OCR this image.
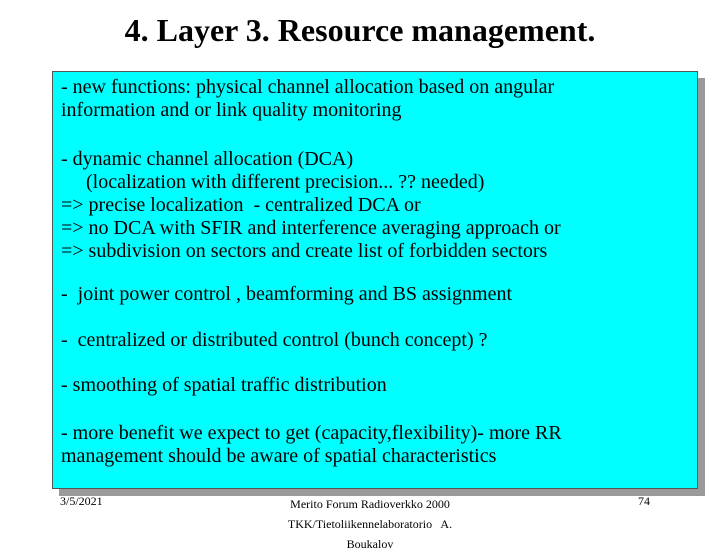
4. Layer 3. Resource management.
- new functions: physical channel allocation based on angular
information and or link quality monitoring
- dynamic channel allocation (DCA)
(localization with different precision... ?? needed)
=> precise localization  - centralized DCA or
=> no DCA with SFIR and interference averaging approach or
=> subdivision on sectors and create list of forbidden sectors
-  joint power control , beamforming and BS assignment
-  centralized or distributed control (bunch concept) ?
- smoothing of spatial traffic distribution
- more benefit we expect to get (capacity,flexibility)- more RR
management should be aware of spatial characteristics
3/5/2021	Merito Forum Radioverkko 2000
TKK/Tietoliikennelaboratorio   A.
Boukalov
74
